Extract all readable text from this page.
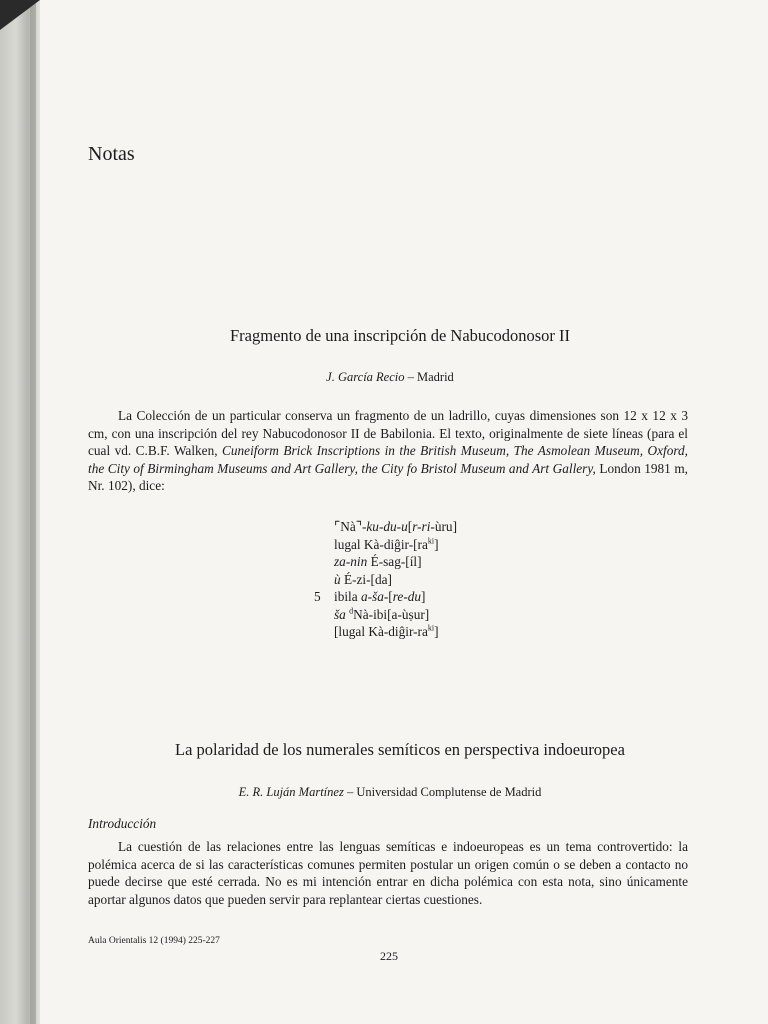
Notas
Fragmento de una inscripción de Nabucodonosor II
J. García Recio – Madrid
La Colección de un particular conserva un fragmento de un ladrillo, cuyas dimensiones son 12 x 12 x 3 cm, con una inscripción del rey Nabucodonosor II de Babilonia. El texto, originalmente de siete líneas (para el cual vd. C.B.F. Walken, Cuneiform Brick Inscriptions in the British Museum, The Asmolean Museum, Oxford, the City of Birmingham Museums and Art Gallery, the City fo Bristol Museum and Art Gallery, London 1981 m, Nr. 102), dice:
⌜Nà⌝-ku-du-u[r-ri-ùru]
lugal $Kà-diĝir-[ra^{ki}]$
za-nin É-sag-[íl]
ù É-zi-[da]
5 ibila a-ša-[re-du]
ša $^d$Nà-ibi[a-ùṣur]
[lugal $Kà-diĝir-ra^{ki}$]
La polaridad de los numerales semíticos en perspectiva indoeuropea
E. R. Luján Martínez – Universidad Complutense de Madrid
Introducción
La cuestión de las relaciones entre las lenguas semíticas e indoeuropeas es un tema controvertido: la polémica acerca de si las características comunes permiten postular un origen común o se deben a contacto no puede decirse que esté cerrada. No es mi intención entrar en dicha polémica con esta nota, sino únicamente aportar algunos datos que pueden servir para replantear ciertas cuestiones.
Aula Orientalis 12 (1994) 225-227
225
